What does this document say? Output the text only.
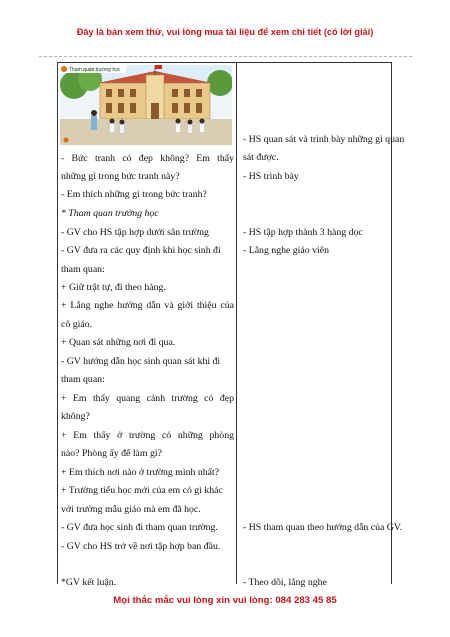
Đây là bản xem thử, vui lòng mua tài liệu để xem chi tiết (có lời giải)
Tham quan trường học
- Bức tranh có đẹp không? Em thấy
những gì trong bức tranh này?
- Em thích những gì trong bức tranh?
* Tham quan trường học
- GV cho HS tập hợp dưới sân trường
- GV đưa ra các quy định khi học sinh đi
tham quan:
+ Giữ trật tự, đi theo hàng.
+ Lắng nghe hướng dẫn và giới thiệu của
cô giáo.
+ Quan sát những nơi đi qua.
- GV hướng dẫn học sinh quan sát khi đi
tham quan:
+ Em thấy quang cảnh trường có đẹp
không?
+ Em thấy ở trường có những phòng
nào? Phòng ấy để làm gì?
+ Em thích nơi nào ở trường mình nhất?
+ Trường tiểu học mới của em có gì khác
với trường mẫu giáo mà em đã học.
- GV đưa học sinh đi tham quan trường.
- GV cho HS trở về nơi tập hợp ban đầu.
*GV kết luận.
- HS quan sát và trình bày những gì quan
sát được.
- HS trình bày
- HS tập hợp thành 3 hàng dọc
- Lắng nghe giáo viên
- HS tham quan theo hướng dẫn của GV.
- Theo dõi, lắng nghe
Mọi thắc mắc vui lòng xin vui lòng: 084 283 45 85
